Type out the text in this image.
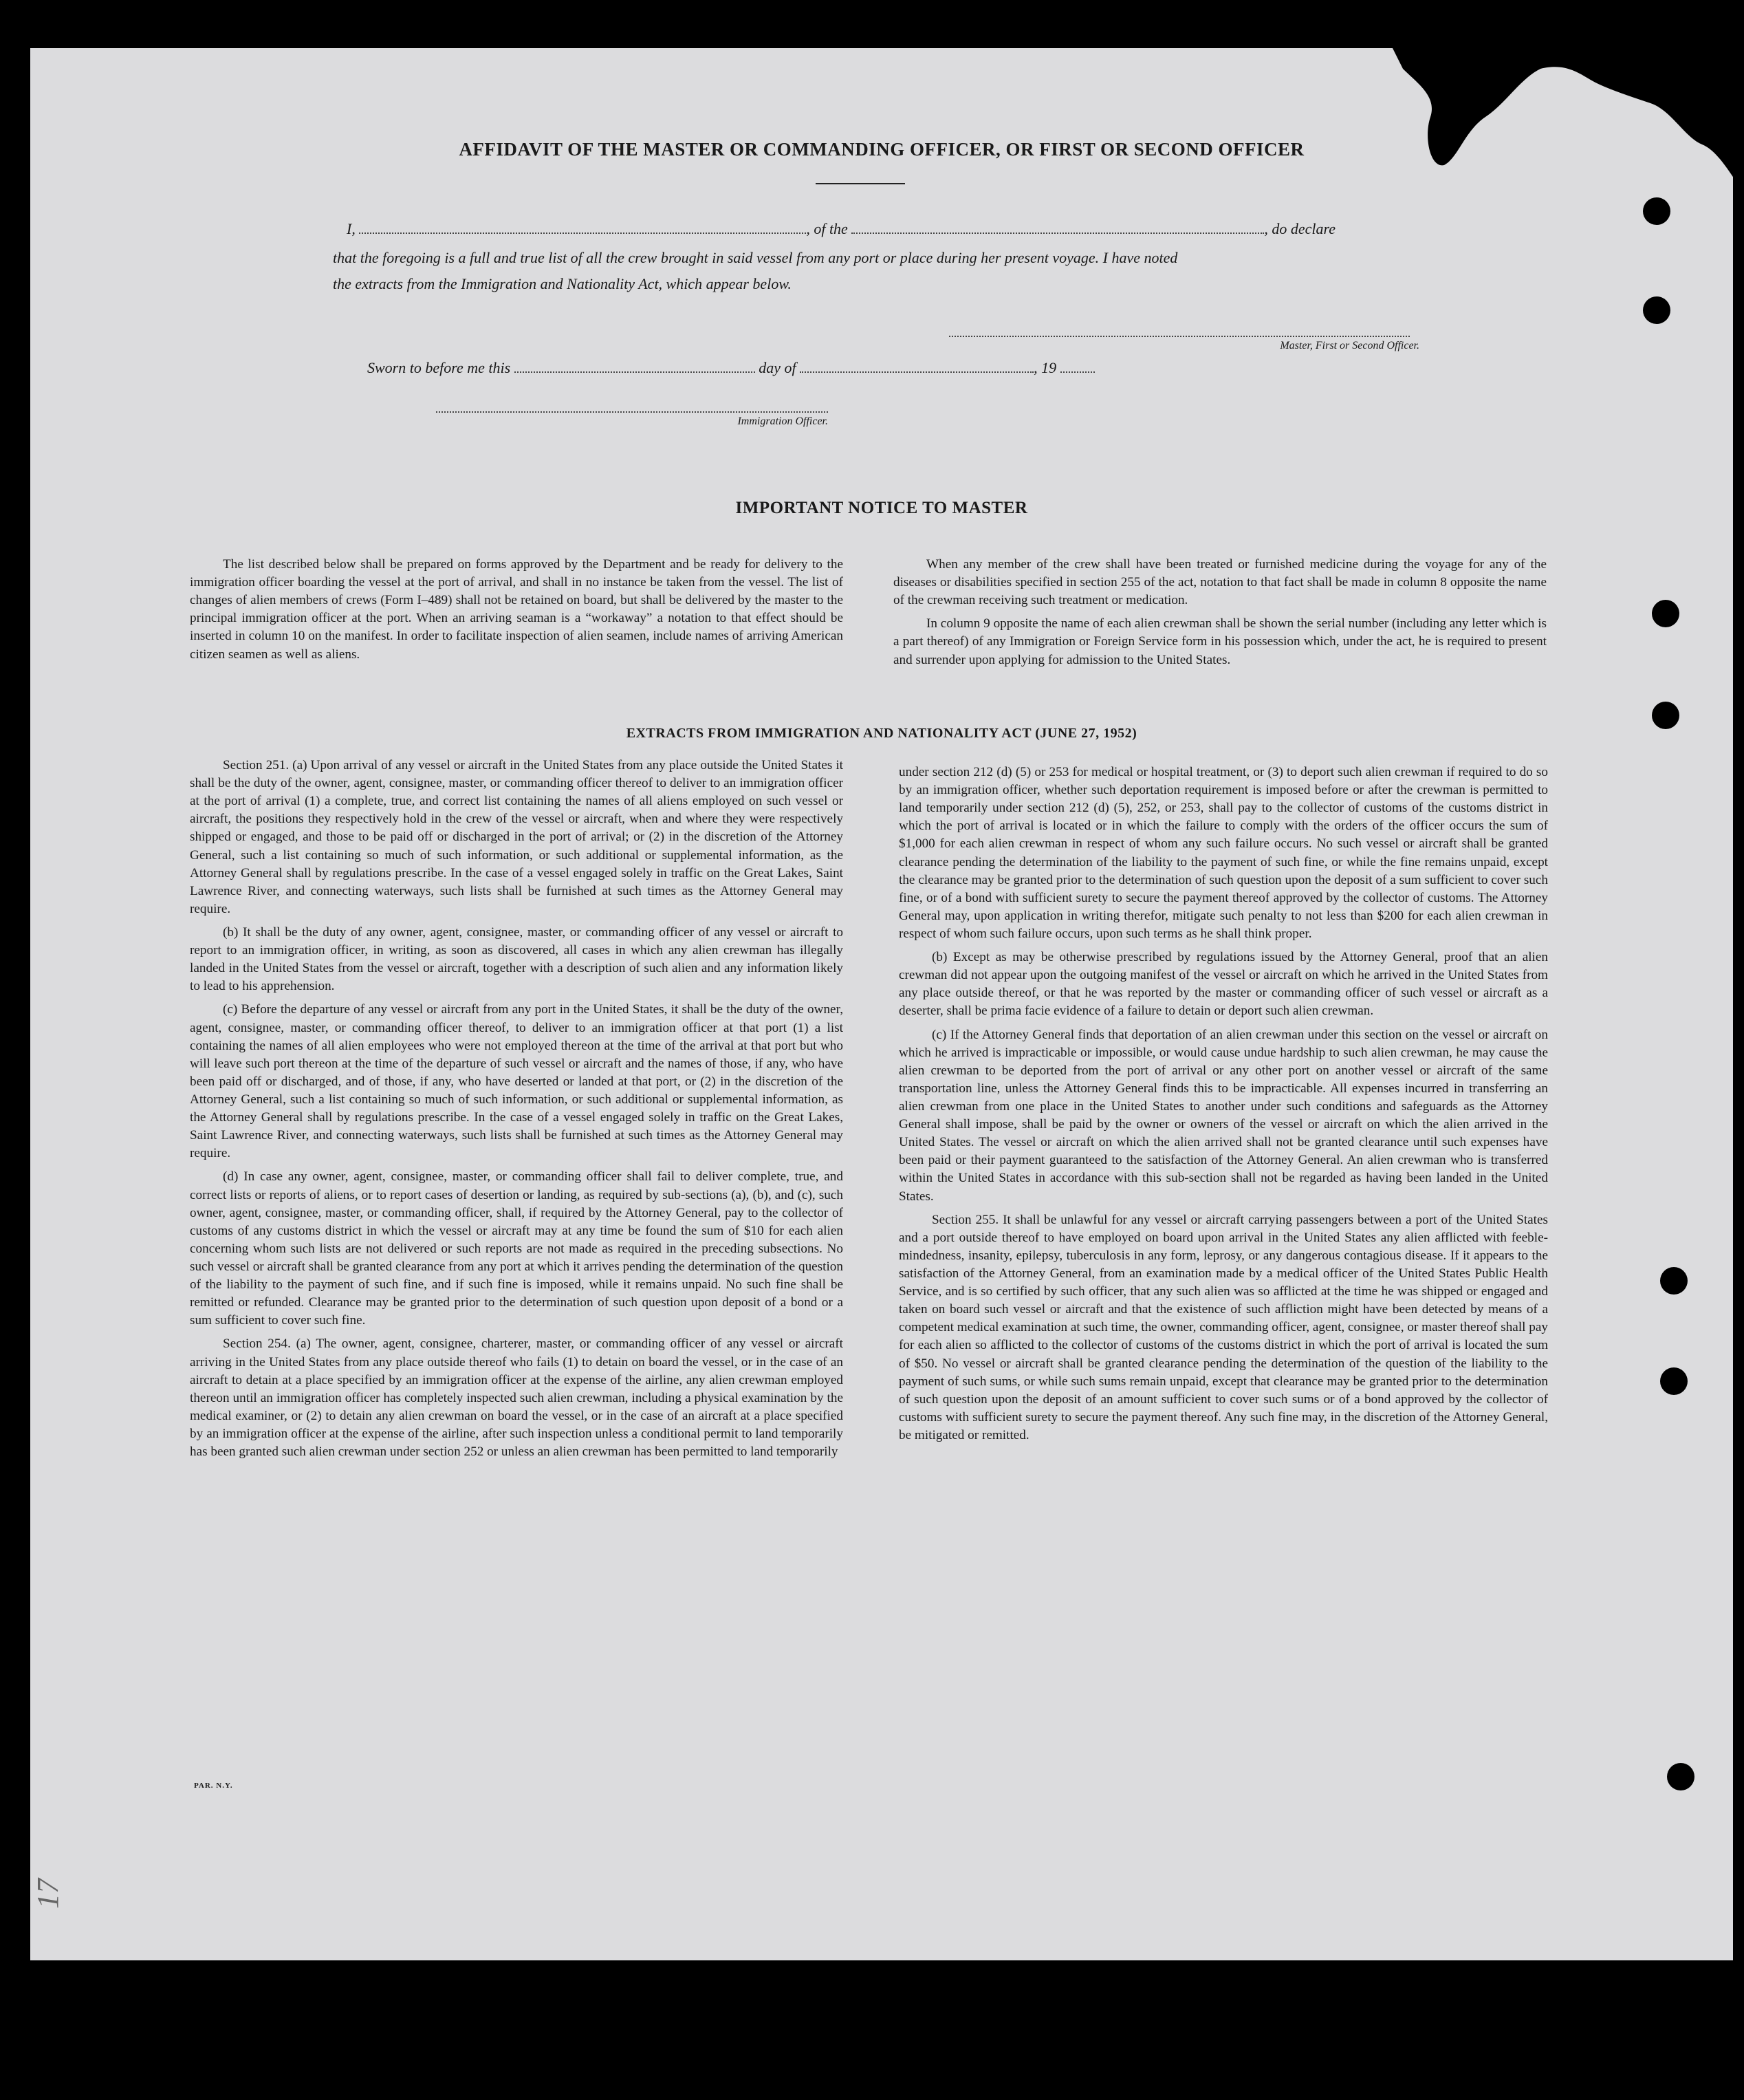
AFFIDAVIT OF THE MASTER OR COMMANDING OFFICER, OR FIRST OR SECOND OFFICER
I,	, of the	, do declare
that the foregoing is a full and true list of all the crew brought in said vessel from any port or place during her present voyage. I have noted
the extracts from the Immigration and Nationality Act, which appear below.
Master, First or Second Officer.
Sworn to before me this	day of	, 19
Immigration Officer.
IMPORTANT NOTICE TO MASTER

The list described below shall be prepared on forms approved by the Department and be ready for delivery to the immigration officer boarding the vessel at the port of arrival, and shall in no instance be taken from the vessel. The list of changes of alien members of crews (Form I–489) shall not be retained on board, but shall be delivered by the master to the principal immigration officer at the port. When an arriving seaman is a “workaway” a notation to that effect should be inserted in column 10 on the manifest. In order to facilitate inspection of alien seamen, include names of arriving American citizen seamen as well as aliens.

When any member of the crew shall have been treated or furnished medicine during the voyage for any of the diseases or disabilities specified in section 255 of the act, notation to that fact shall be made in column 8 opposite the name of the crewman receiving such treatment or medication.

In column 9 opposite the name of each alien crewman shall be shown the serial number (including any letter which is a part thereof) of any Immigration or Foreign Service form in his possession which, under the act, he is required to present and surrender upon applying for admission to the United States.

EXTRACTS FROM IMMIGRATION AND NATIONALITY ACT (JUNE 27, 1952)

Section 251. (a) Upon arrival of any vessel or aircraft in the United States from any place outside the United States it shall be the duty of the owner, agent, consignee, master, or commanding officer thereof to deliver to an immigration officer at the port of arrival (1) a complete, true, and correct list containing the names of all aliens employed on such vessel or aircraft, the positions they respectively hold in the crew of the vessel or aircraft, when and where they were respectively shipped or engaged, and those to be paid off or discharged in the port of arrival; or (2) in the discretion of the Attorney General, such a list containing so much of such information, or such additional or supplemental information, as the Attorney General shall by regulations prescribe. In the case of a vessel engaged solely in traffic on the Great Lakes, Saint Lawrence River, and connecting waterways, such lists shall be furnished at such times as the Attorney General may require.

(b) It shall be the duty of any owner, agent, consignee, master, or commanding officer of any vessel or aircraft to report to an immigration officer, in writing, as soon as discovered, all cases in which any alien crewman has illegally landed in the United States from the vessel or aircraft, together with a description of such alien and any information likely to lead to his apprehension.

(c) Before the departure of any vessel or aircraft from any port in the United States, it shall be the duty of the owner, agent, consignee, master, or commanding officer thereof, to deliver to an immigration officer at that port (1) a list containing the names of all alien employees who were not employed thereon at the time of the arrival at that port but who will leave such port thereon at the time of the departure of such vessel or aircraft and the names of those, if any, who have been paid off or discharged, and of those, if any, who have deserted or landed at that port, or (2) in the discretion of the Attorney General, such a list containing so much of such information, or such additional or supplemental information, as the Attorney General shall by regulations prescribe. In the case of a vessel engaged solely in traffic on the Great Lakes, Saint Lawrence River, and connecting waterways, such lists shall be furnished at such times as the Attorney General may require.

(d) In case any owner, agent, consignee, master, or commanding officer shall fail to deliver complete, true, and correct lists or reports of aliens, or to report cases of desertion or landing, as required by sub-sections (a), (b), and (c), such owner, agent, consignee, master, or commanding officer, shall, if required by the Attorney General, pay to the collector of customs of any customs district in which the vessel or aircraft may at any time be found the sum of $10 for each alien concerning whom such lists are not delivered or such reports are not made as required in the preceding subsections. No such vessel or aircraft shall be granted clearance from any port at which it arrives pending the determination of the question of the liability to the payment of such fine, and if such fine is imposed, while it remains unpaid. No such fine shall be remitted or refunded. Clearance may be granted prior to the determination of such question upon deposit of a bond or a sum sufficient to cover such fine.

Section 254. (a) The owner, agent, consignee, charterer, master, or commanding officer of any vessel or aircraft arriving in the United States from any place outside thereof who fails (1) to detain on board the vessel, or in the case of an aircraft to detain at a place specified by an immigration officer at the expense of the airline, any alien crewman employed thereon until an immigration officer has completely inspected such alien crewman, including a physical examination by the medical examiner, or (2) to detain any alien crewman on board the vessel, or in the case of an aircraft at a place specified by an immigration officer at the expense of the airline, after such inspection unless a conditional permit to land temporarily has been granted such alien crewman under section 252 or unless an alien crewman has been permitted to land temporarily

under section 212 (d) (5) or 253 for medical or hospital treatment, or (3) to deport such alien crewman if required to do so by an immigration officer, whether such deportation requirement is imposed before or after the crewman is permitted to land temporarily under section 212 (d) (5), 252, or 253, shall pay to the collector of customs of the customs district in which the port of arrival is located or in which the failure to comply with the orders of the officer occurs the sum of $1,000 for each alien crewman in respect of whom any such failure occurs. No such vessel or aircraft shall be granted clearance pending the determination of the liability to the payment of such fine, or while the fine remains unpaid, except the clearance may be granted prior to the determination of such question upon the deposit of a sum sufficient to cover such fine, or of a bond with sufficient surety to secure the payment thereof approved by the collector of customs. The Attorney General may, upon application in writing therefor, mitigate such penalty to not less than $200 for each alien crewman in respect of whom such failure occurs, upon such terms as he shall think proper.

(b) Except as may be otherwise prescribed by regulations issued by the Attorney General, proof that an alien crewman did not appear upon the outgoing manifest of the vessel or aircraft on which he arrived in the United States from any place outside thereof, or that he was reported by the master or commanding officer of such vessel or aircraft as a deserter, shall be prima facie evidence of a failure to detain or deport such alien crewman.

(c) If the Attorney General finds that deportation of an alien crewman under this section on the vessel or aircraft on which he arrived is impracticable or impossible, or would cause undue hardship to such alien crewman, he may cause the alien crewman to be deported from the port of arrival or any other port on another vessel or aircraft of the same transportation line, unless the Attorney General finds this to be impracticable. All expenses incurred in transferring an alien crewman from one place in the United States to another under such conditions and safeguards as the Attorney General shall impose, shall be paid by the owner or owners of the vessel or aircraft on which the alien arrived in the United States. The vessel or aircraft on which the alien arrived shall not be granted clearance until such expenses have been paid or their payment guaranteed to the satisfaction of the Attorney General. An alien crewman who is transferred within the United States in accordance with this sub-section shall not be regarded as having been landed in the United States.

Section 255. It shall be unlawful for any vessel or aircraft carrying passengers between a port of the United States and a port outside thereof to have employed on board upon arrival in the United States any alien afflicted with feeble-mindedness, insanity, epilepsy, tuberculosis in any form, leprosy, or any dangerous contagious disease. If it appears to the satisfaction of the Attorney General, from an examination made by a medical officer of the United States Public Health Service, and is so certified by such officer, that any such alien was so afflicted at the time he was shipped or engaged and taken on board such vessel or aircraft and that the existence of such affliction might have been detected by means of a competent medical examination at such time, the owner, commanding officer, agent, consignee, or master thereof shall pay for each alien so afflicted to the collector of customs of the customs district in which the port of arrival is located the sum of $50. No vessel or aircraft shall be granted clearance pending the determination of the question of the liability to the payment of such sums, or while such sums remain unpaid, except that clearance may be granted prior to the determination of such question upon the deposit of an amount sufficient to cover such sums or of a bond approved by the collector of customs with sufficient surety to secure the payment thereof. Any such fine may, in the discretion of the Attorney General, be mitigated or remitted.

PAR. N.Y.
17
